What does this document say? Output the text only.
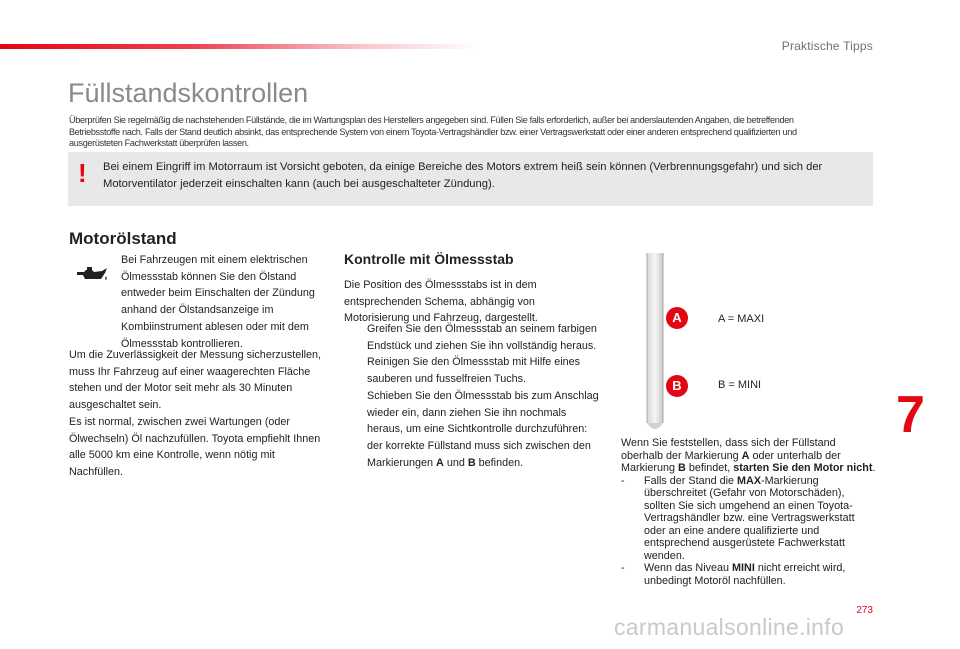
Praktische Tipps
Füllstandskontrollen
Überprüfen Sie regelmäßig die nachstehenden Füllstände, die im Wartungsplan des Herstellers angegeben sind. Füllen Sie falls erforderlich, außer bei anderslautenden Angaben, die betreffenden Betriebsstoffe nach. Falls der Stand deutlich absinkt, das entsprechende System von einem Toyota-Vertragshändler bzw. einer Vertragswerkstatt oder einer anderen entsprechend qualifizierten und ausgerüsteten Fachwerkstatt überprüfen lassen.
! Bei einem Eingriff im Motorraum ist Vorsicht geboten, da einige Bereiche des Motors extrem heiß sein können (Verbrennungsgefahr) und sich der Motorventilator jederzeit einschalten kann (auch bei ausgeschalteter Zündung).
Motorölstand
Bei Fahrzeugen mit einem elektrischen Ölmessstab können Sie den Ölstand entweder beim Einschalten der Zündung anhand der Ölstandsanzeige im Kombiinstrument ablesen oder mit dem Ölmessstab kontrollieren.

Um die Zuverlässigkeit der Messung sicherzustellen, muss Ihr Fahrzeug auf einer waagerechten Fläche stehen und der Motor seit mehr als 30 Minuten ausgeschaltet sein.

Es ist normal, zwischen zwei Wartungen (oder Ölwechseln) Öl nachzufüllen. Toyota empfiehlt Ihnen alle 5000 km eine Kontrolle, wenn nötig mit Nachfüllen.

Kontrolle mit Ölmessstab

Die Position des Ölmessstabs ist in dem entsprechenden Schema, abhängig von Motorisierung und Fahrzeug, dargestellt.

Greifen Sie den Ölmessstab an seinem farbigen Endstück und ziehen Sie ihn vollständig heraus.
Reinigen Sie den Ölmessstab mit Hilfe eines sauberen und fusselfreien Tuchs.
Schieben Sie den Ölmessstab bis zum Anschlag wieder ein, dann ziehen Sie ihn nochmals heraus, um eine Sichtkontrolle durchzuführen: der korrekte Füllstand muss sich zwischen den Markierungen A und B befinden.
A	A = MAXI
B	B = MINI

Wenn Sie feststellen, dass sich der Füllstand oberhalb der Markierung A oder unterhalb der Markierung B befindet, starten Sie den Motor nicht.

- Falls der Stand die MAX-Markierung überschreitet (Gefahr von Motorschäden), sollten Sie sich umgehend an einen Toyota-Vertragshändler bzw. eine Vertragswerkstatt oder an eine andere qualifizierte und entsprechend ausgerüstete Fachwerkstatt wenden.
- Wenn das Niveau MINI nicht erreicht wird, unbedingt Motoröl nachfüllen.
7
273
carmanualsonline.info
